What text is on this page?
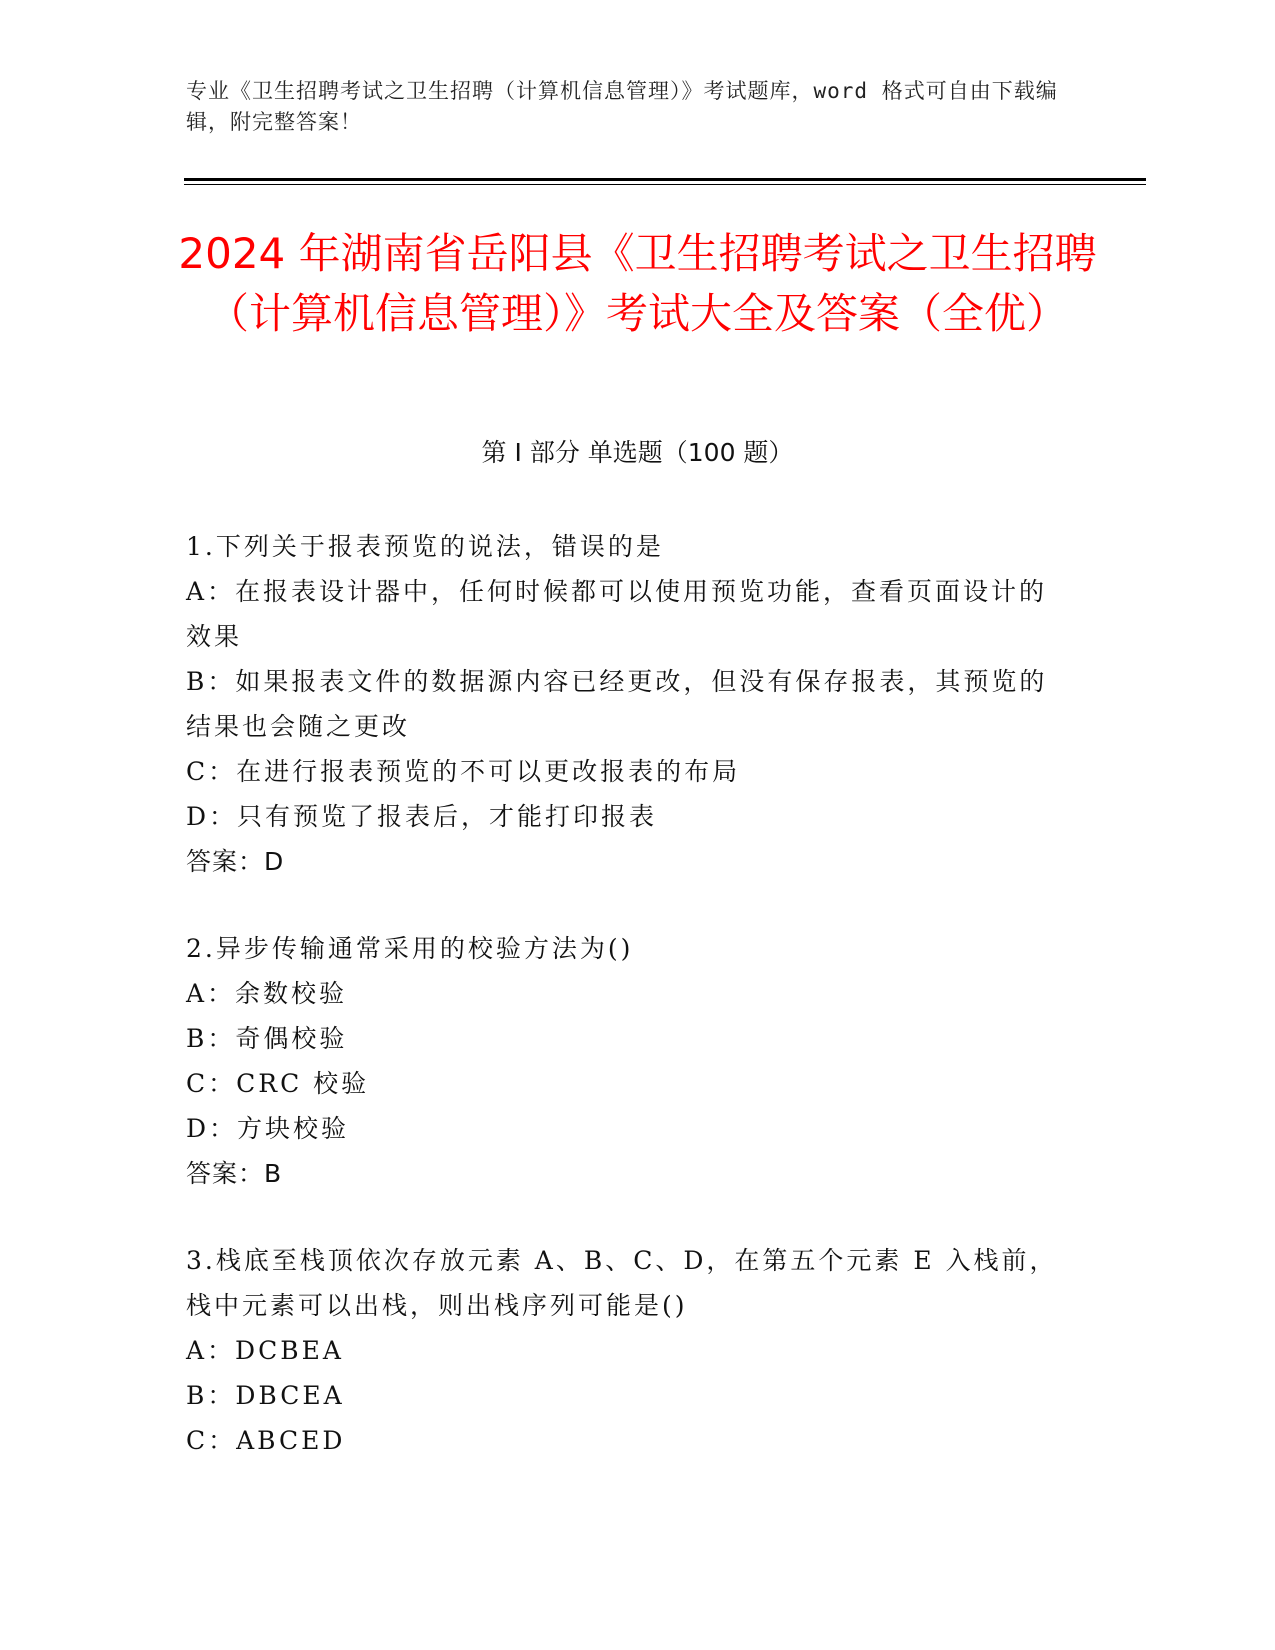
专业《卫生招聘考试之卫生招聘（计算机信息管理）》考试题库，word 格式可自由下载编辑，附完整答案！
2024 年湖南省岳阳县《卫生招聘考试之卫生招聘（计算机信息管理）》考试大全及答案（全优）
第 I 部分 单选题（100 题）
1.下列关于报表预览的说法，错误的是
A：在报表设计器中，任何时候都可以使用预览功能，查看页面设计的效果
B：如果报表文件的数据源内容已经更改，但没有保存报表，其预览的结果也会随之更改
C：在进行报表预览的不可以更改报表的布局
D：只有预览了报表后，才能打印报表
答案：D
2.异步传输通常采用的校验方法为()
A：余数校验
B：奇偶校验
C：CRC 校验
D：方块校验
答案：B
3.栈底至栈顶依次存放元素 A、B、C、D，在第五个元素 E 入栈前，栈中元素可以出栈，则出栈序列可能是()
A：DCBEA
B：DBCEA
C：ABCED
